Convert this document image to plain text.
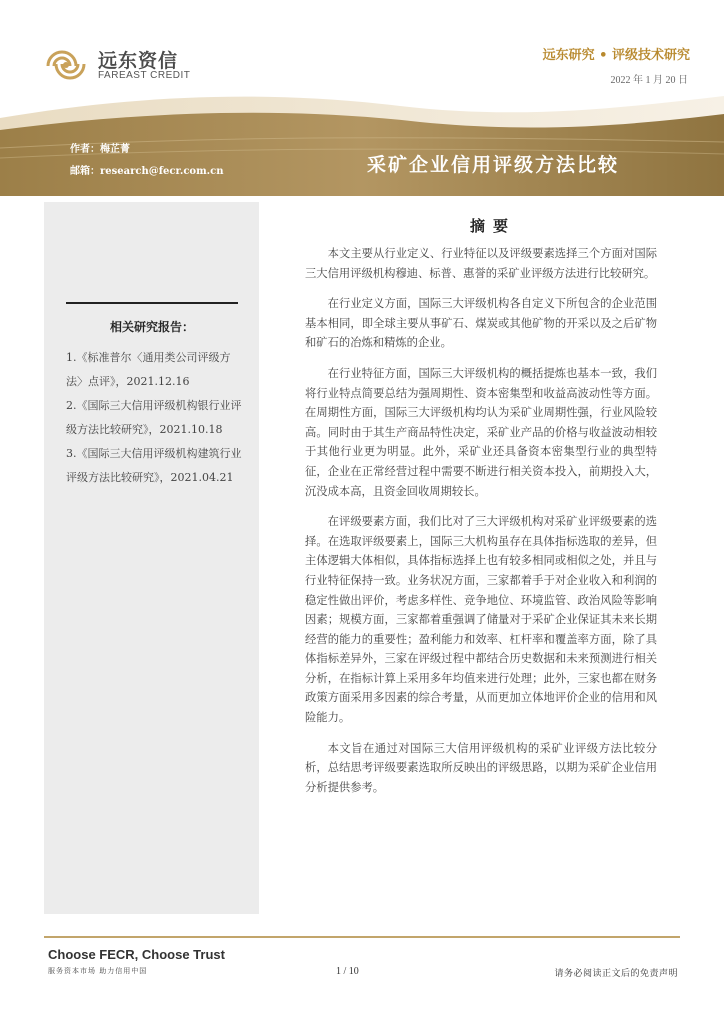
远东资信
FAREAST CREDIT
远东研究 • 评级技术研究
2022 年 1 月 20 日
作者：梅芷菁
邮箱：research@fecr.com.cn	采矿企业信用评级方法比较
相关研究报告：

1.《标准普尔〈通用类公司评级方法〉点评》，2021.12.16

2.《国际三大信用评级机构银行业评级方法比较研究》，2021.10.18

3.《国际三大信用评级机构建筑行业评级方法比较研究》，2021.04.21

摘要

本文主要从行业定义、行业特征以及评级要素选择三个方面对国际三大信用评级机构穆迪、标普、惠誉的采矿业评级方法进行比较研究。

在行业定义方面，国际三大评级机构各自定义下所包含的企业范围基本相同，即全球主要从事矿石、煤炭或其他矿物的开采以及之后矿物和矿石的冶炼和精炼的企业。

在行业特征方面，国际三大评级机构的概括提炼也基本一致，我们将行业特点简要总结为强周期性、资本密集型和收益高波动性等方面。在周期性方面，国际三大评级机构均认为采矿业周期性强，行业风险较高。同时由于其生产商品特性决定，采矿业产品的价格与收益波动相较于其他行业更为明显。此外，采矿业还具备资本密集型行业的典型特征，企业在正常经营过程中需要不断进行相关资本投入，前期投入大，沉没成本高，且资金回收周期较长。

在评级要素方面，我们比对了三大评级机构对采矿业评级要素的选择。在选取评级要素上，国际三大机构虽存在具体指标选取的差异，但主体逻辑大体相似，具体指标选择上也有较多相同或相似之处，并且与行业特征保持一致。业务状况方面，三家都着手于对企业收入和利润的稳定性做出评价，考虑多样性、竞争地位、环境监管、政治风险等影响因素；规模方面，三家都着重强调了储量对于采矿企业保证其未来长期经营的能力的重要性；盈利能力和效率、杠杆率和覆盖率方面，除了具体指标差异外，三家在评级过程中都结合历史数据和未来预测进行相关分析，在指标计算上采用多年均值来进行处理；此外，三家也都在财务政策方面采用多因素的综合考量，从而更加立体地评价企业的信用和风险能力。

本文旨在通过对国际三大信用评级机构的采矿业评级方法比较分析，总结思考评级要素选取所反映出的评级思路，以期为采矿企业信用分析提供参考。

Choose FECR, Choose Trust
服务资本市场 助力信用中国	1 / 10	请务必阅读正文后的免责声明
